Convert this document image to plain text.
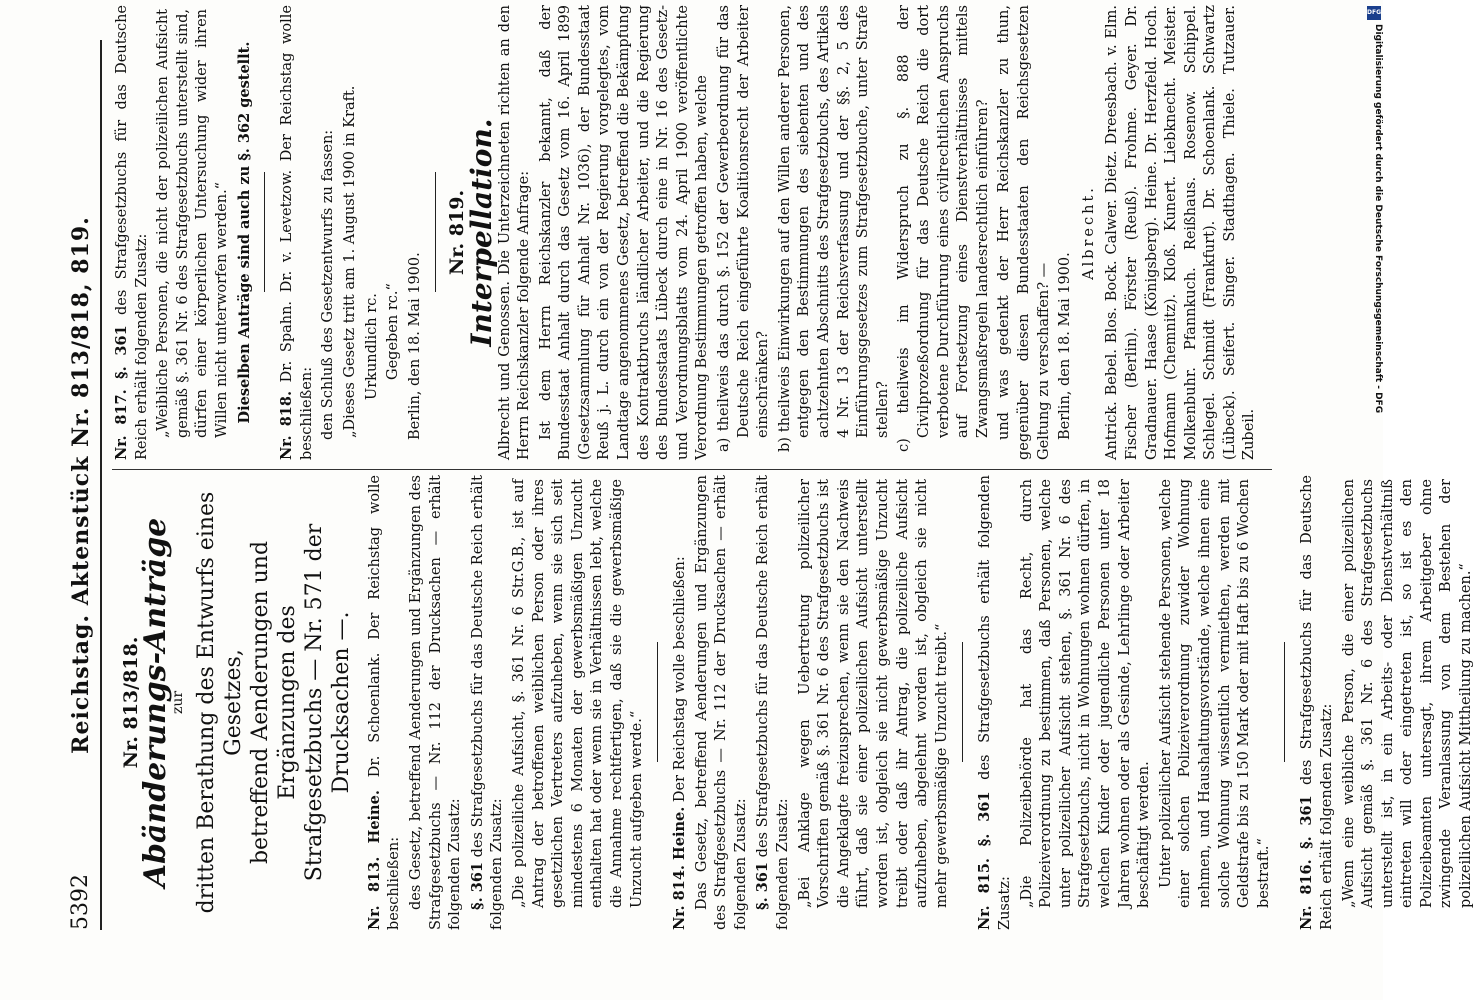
5392
Reichstag. Aktenstück Nr. 813/818, 819. Nr. 813/818.
Abänderungs-Anträge
zur dritten Berathung des Entwurfs eines Gesetzes, betreffend Aenderungen und Ergänzungen des Strafgesetzbuchs — Nr. 571 der Drucksachen —.

Nr. 813. Heine. Dr. Schoenlank. Der Reichstag wolle beschließen: des Gesetz, betreffend Aenderungen und Ergänzungen des Strafgesetzbuchs — Nr. 112 der Drucksachen — erhält folgenden Zusatz: §. 361 des Strafgesetzbuchs für das Deutsche Reich erhält folgenden Zusatz: „Die polizeiliche Aufsicht, §. 361 Nr. 6 Str.G.B., ist auf Antrag der betroffenen weiblichen Person oder ihres gesetzlichen Vertreters aufzuheben, wenn sie sich seit mindestens 6 Monaten der gewerbsmäßigen Unzucht enthalten hat oder wenn sie in Verhältnissen lebt, welche die Annahme rechtfertigen, daß sie die gewerbsmäßige Unzucht aufgeben werde.“ Nr. 814. Heine. Der Reichstag wolle beschließen: Das Gesetz, betreffend Aenderungen und Ergänzungen des Strafgesetzbuchs — Nr. 112 der Drucksachen — erhält folgenden Zusatz: §. 361 des Strafgesetzbuchs für das Deutsche Reich erhält folgenden Zusatz: „Bei Anklage wegen Uebertretung polizeilicher Vorschriften gemäß §. 361 Nr. 6 des Strafgesetzbuchs ist die Angeklagte freizusprechen, wenn sie den Nachweis führt, daß sie einer polizeilichen Aufsicht unterstellt worden ist, obgleich sie nicht gewerbsmäßige Unzucht treibt oder daß ihr Antrag, die polizeiliche Aufsicht aufzuheben, abgelehnt worden ist, obgleich sie nicht mehr gewerbsmäßige Unzucht treibt.“ Nr. 815. §. 361 des Strafgesetzbuchs erhält folgenden Zusatz: „Die Polizeibehörde hat das Recht, durch Polizeiverordnung zu bestimmen, daß Personen, welche unter polizeilicher Aufsicht stehen, §. 361 Nr. 6 des Strafgesetzbuchs, nicht in Wohnungen wohnen dürfen, in welchen Kinder oder jugendliche Personen unter 18 Jahren wohnen oder als Gesinde, Lehrlinge oder Arbeiter beschäftigt werden. Unter polizeilicher Aufsicht stehende Personen, welche einer solchen Polizeiverordnung zuwider Wohnung nehmen, und Haushaltungsvorstände, welche ihnen eine solche Wohnung wissentlich vermiethen, werden mit Geldstrafe bis zu 150 Mark oder mit Haft bis zu 6 Wochen bestraft.“ Nr. 816. §. 361 des Strafgesetzbuchs für das Deutsche Reich erhält folgenden Zusatz: „Wenn eine weibliche Person, die einer polizeilichen Aufsicht gemäß §. 361 Nr. 6 des Strafgesetzbuchs unterstellt ist, in ein Arbeits- oder Dienstverhältniß eintreten will oder eingetreten ist, so ist es den Polizeibeamten untersagt, ihrem Arbeitgeber ohne zwingende Veranlassung von dem Bestehen der polizeilichen Aufsicht Mittheilung zu machen.“

Nr. 817. §. 361 des Strafgesetzbuchs für das Deutsche Reich erhält folgenden Zusatz: „Weibliche Personen, die nicht der polizeilichen Aufsicht gemäß §. 361 Nr. 6 des Strafgesetzbuchs unterstellt sind, dürfen einer körperlichen Untersuchung wider ihren Willen nicht unterworfen werden.“ Dieselben Anträge sind auch zu §. 362 gestellt.

Nr. 818. Dr. Spahn. Dr. v. Levetzow. Der Reichstag wolle beschließen: den Schluß des Gesetzentwurfs zu fassen: „Dieses Gesetz tritt am 1. August 1900 in Kraft. Urkundlich rc. Gegeben rc.“ Berlin, den 18. Mai 1900.

Nr. 819.
Interpellation.

Albrecht und Genossen. Die Unterzeichneten richten an den Herrn Reichskanzler folgende Anfrage: Ist dem Herrn Reichskanzler bekannt, daß der Bundesstaat Anhalt durch das Gesetz vom 16. April 1899 (Gesetzsammlung für Anhalt Nr. 1036), der Bundesstaat Reuß j. L. durch ein von der Regierung vorgelegtes, vom Landtage angenommenes Gesetz, betreffend die Bekämpfung des Kontraktbruchs ländlicher Arbeiter, und die Regierung des Bundesstaats Lübeck durch eine in Nr. 16 des Gesetz- und Verordnungsblatts vom 24. April 1900 veröffentlichte Verordnung Bestimmungen getroffen haben, welche a) theilweis das durch §. 152 der Gewerbeordnung für das Deutsche Reich eingeführte Koalitionsrecht der Arbeiter einschränken? b) theilweis Einwirkungen auf den Willen anderer Personen, entgegen den Bestimmungen des siebenten und des achtzehnten Abschnitts des Strafgesetzbuchs, des Artikels 4 Nr. 13 der Reichsverfassung und der §§. 2, 5 des Einführungsgesetzes zum Strafgesetzbuche, unter Strafe stellen? c) theilweis im Widerspruch zu §. 888 der Civilprozeßordnung für das Deutsche Reich die dort verbotene Durchführung eines civilrechtlichen Anspruchs auf Fortsetzung eines Dienstverhältnisses mittels Zwangsmaßregeln landesrechtlich einführen? und was gedenkt der Herr Reichskanzler zu thun, gegenüber diesen Bundesstaaten den Reichsgesetzen Geltung zu verschaffen? — Berlin, den 18. Mai 1900.

Albrecht. Antrick. Bebel. Blos. Bock. Calwer. Dietz. Dreesbach. v. Elm. Fischer (Berlin). Förster (Reuß). Frohme. Geyer. Dr. Gradnauer. Haase (Königsberg). Heine. Dr. Herzfeld. Hoch. Hofmann (Chemnitz). Kloß. Kunert. Liebknecht. Meister. Molkenbuhr. Pfannkuch. Reißhaus. Rosenow. Schippel. Schlegel. Schmidt (Frankfurt). Dr. Schoenlank. Schwartz (Lübeck). Seifert. Singer. Stadthagen. Thiele. Tutzauer. Zubeil.

DFG
Digitalisierung gefördert durch die Deutsche Forschungsgemeinschaft - DFG
